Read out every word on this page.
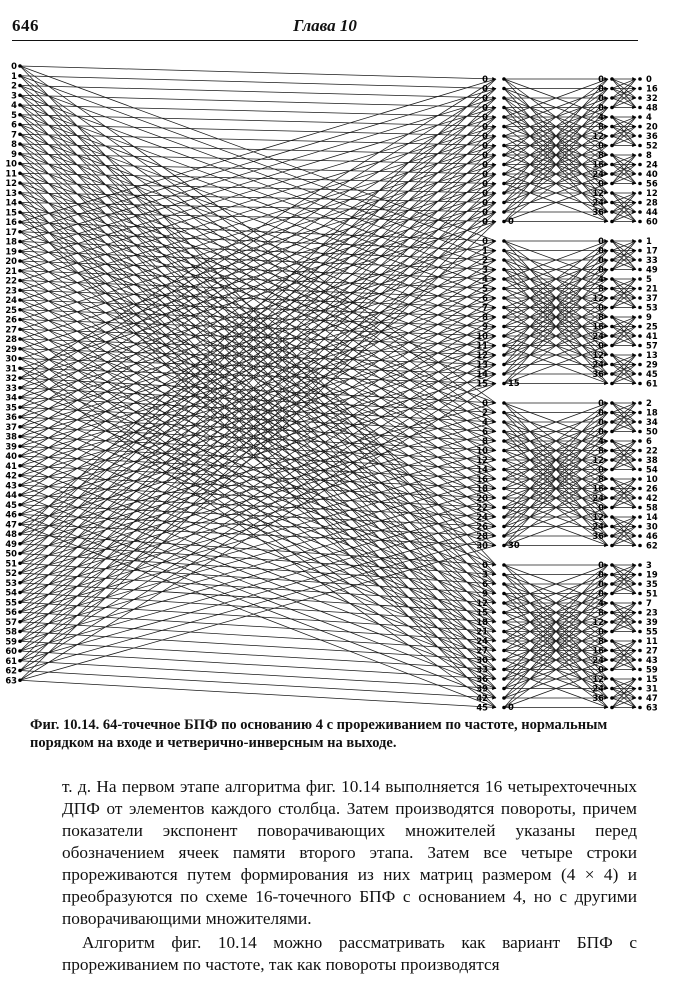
646	Глава 10
0
1
2
3
4
5
6
7
8
9
10
11
12
13
14
15
16
17
18
19
20
21
22
23
24
25
26
27
28
29
30
31
32
33
34
35
36
37
38
39
40
41
42
43
44
45
46
47
48
49
50
51
52
53
54
55
56
57
58
59
60
61
62
63
0
0
0
0
0
0
0
0
0
0
0
0
0
0
0
0
0
1
2
3
4
5
6
7
8
9
10
11
12
13
14
15
0
2
4
6
8
10
12
14
16
18
20
22
24
26
28
30
0
3
6
9
12
15
18
21
24
27
30
33
36
39
42
45
0
15
30
0
0
0
0
0
4
8
12
0
8
16
24
0
12
24
36
0
0
0
0
4
8
12
0
8
16
24
0
12
24
36
0
0
0
0
4
8
12
0
8
16
24
0
12
24
36
0
0
0
0
4
8
12
0
8
16
24
0
12
24
36
0
16
32
48
4
20
36
52
8
24
40
56
12
28
44
60
1
17
33
49
5
21
37
53
9
25
41
57
13
29
45
61
2
18
34
50
6
22
38
54
10
26
42
58
14
30
46
62
3
19
35
51
7
23
39
55
11
27
43
59
15
31
47
63
Фиг. 10.14. 64-точечное БПФ по основанию 4 с прореживанием по частоте, нормальным порядком на входе и четверично-инверсным на выходе.

т. д. На первом этапе алгоритма фиг. 10.14 выполняется 16 четырехточечных ДПФ от элементов каждого столбца. Затем производятся повороты, причем показатели экспонент поворачивающих множителей указаны перед обозначением ячеек памяти второго этапа. Затем все четыре строки прореживаются путем формирования из них матриц размером (4 × 4) и преобразуются по схеме 16-точечного БПФ с основанием 4, но с другими поворачивающими множителями.

Алгоритм фиг. 10.14 можно рассматривать как вариант БПФ с прореживанием по частоте, так как повороты производятся
